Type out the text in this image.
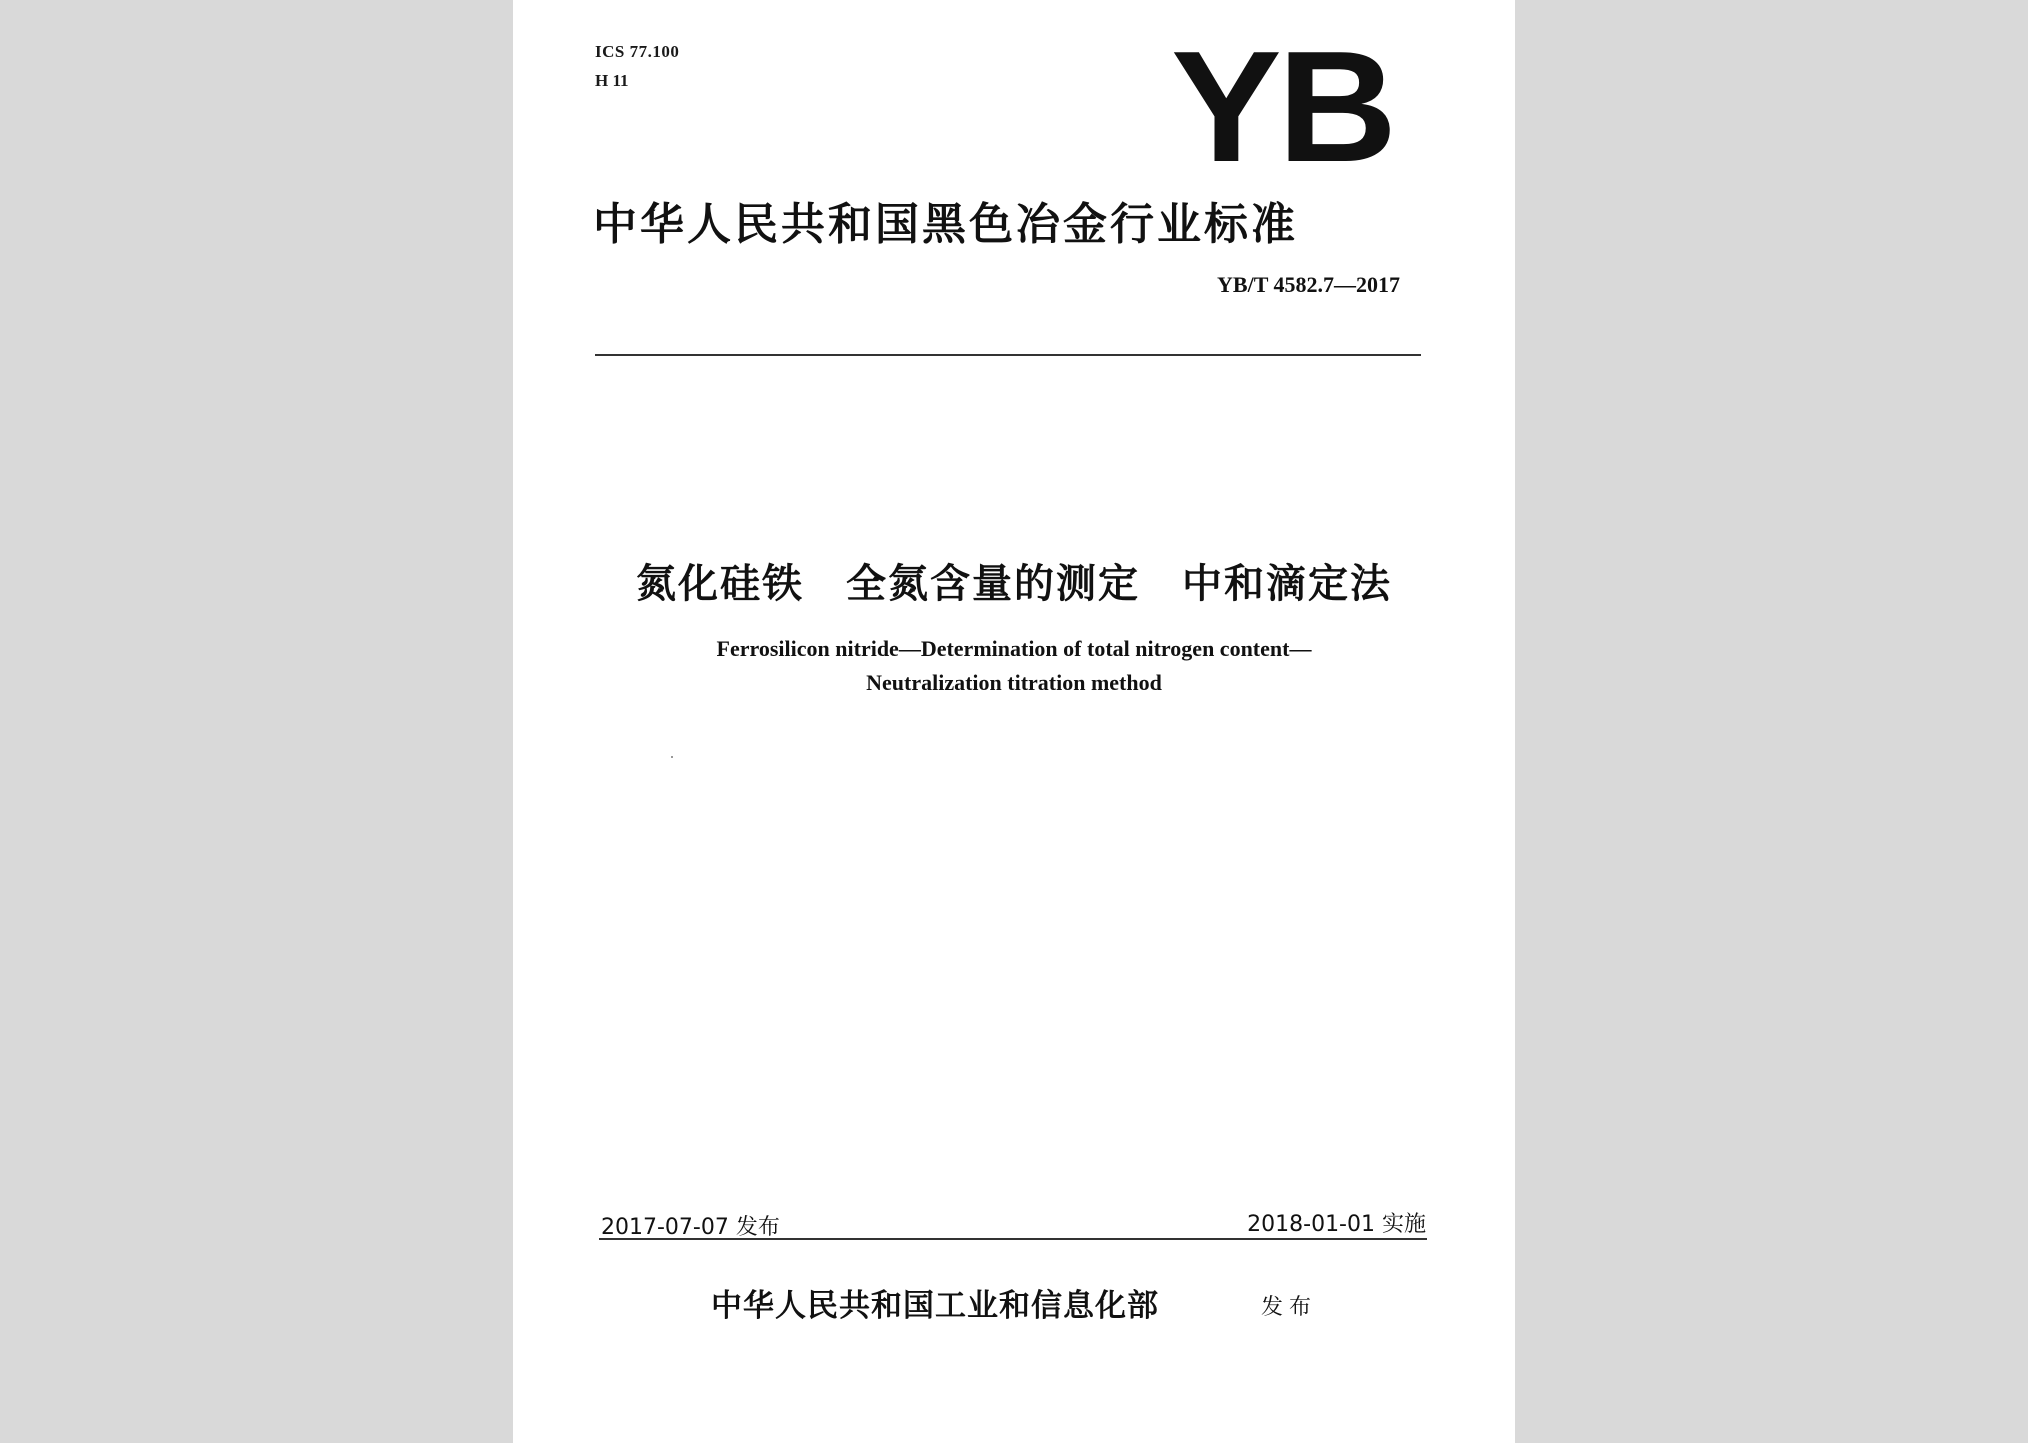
ICS 77.100

H 11	YB
中华人民共和国黑色冶金行业标准

YB/T 4582.7—2017

氮化硅铁　全氮含量的测定　中和滴定法

Ferrosilicon nitride—Determination of total nitrogen content—

Neutralization titration method

2017-07-07 发布	2018-01-01 实施

中华人民共和国工业和信息化部	发布
